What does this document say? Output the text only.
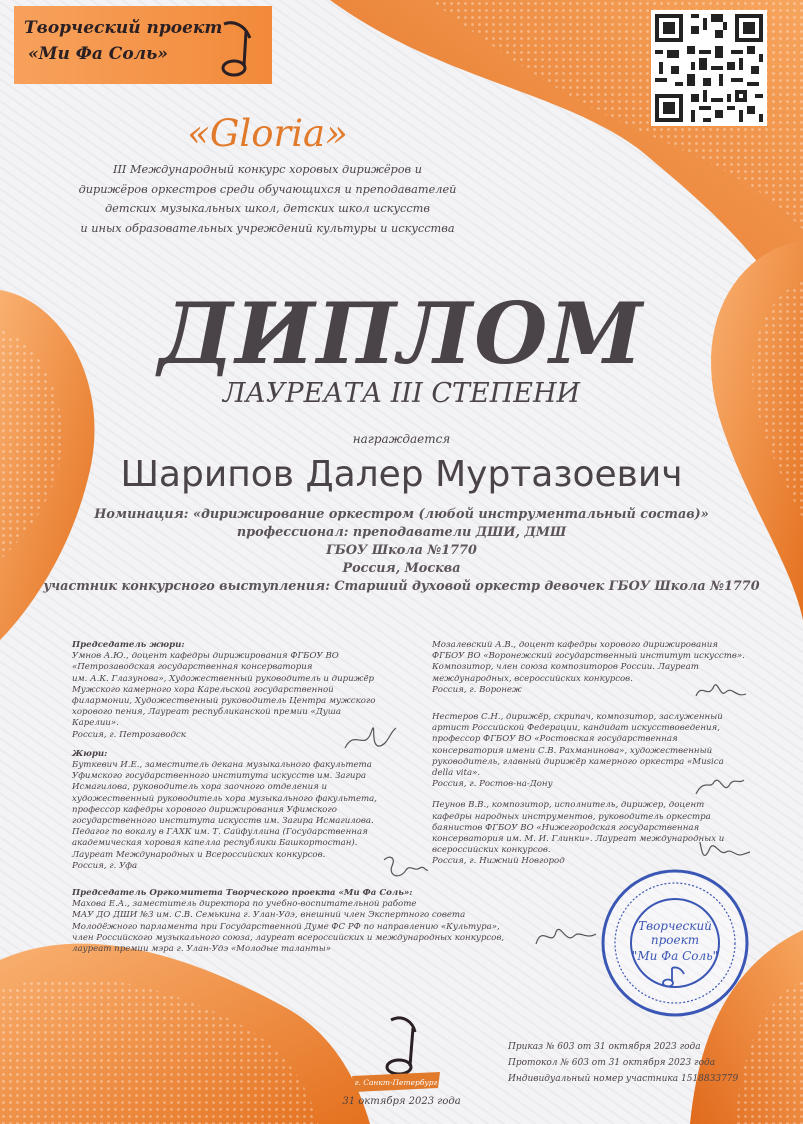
Творческий проект
«Ми Фа Соль»
«Gloria»
III Международный конкурс хоровых дирижёров и
дирижёров оркестров среди обучающихся и преподавателей
детских музыкальных школ, детских школ искусств
и иных образовательных учреждений культуры и искусства
ДИПЛОМ
ЛАУРЕАТА III СТЕПЕНИ
награждается
Шарипов Далер Муртазоевич
Номинация: «дирижирование оркестром (любой инструментальный состав)»
профессионал: преподаватели ДШИ, ДМШ
ГБОУ Школа №1770
Россия, Москва
участник конкурсного выступления: Старший духовой оркестр девочек ГБОУ Школа №1770
Председатель жюри:
Умнов А.Ю., доцент кафедры дирижирования ФГБОУ ВО
«Петрозаводская государственная консерватория
им. А.К. Глазунова», Художественный руководитель и дирижёр
Мужского камерного хора Карельской государственной
филармонии, Художественный руководитель Центра мужского
хорового пения, Лауреат республиканской премии «Душа
Карелии».
Россия, г. Петрозаводск
Жюри:
Буткевич И.Е., заместитель декана музыкального факультета
Уфимского государственного института искусств им. Загира
Исмагилова, руководитель хора заочного отделения и
художественный руководитель хора музыкального факультета,
профессор кафедры хорового дирижирования Уфимского
государственного института искусств им. Загира Исмагилова.
Педагог по вокалу в ГАХК им. Т. Сайфуллина (Государственная
академическая хоровая капелла республики Башкортостан).
Лауреат Международных и Всероссийских конкурсов.
Россия, г. Уфа
Мозалевский А.В., доцент кафедры хорового дирижирования
ФГБОУ ВО «Воронежский государственный институт искусств».
Композитор, член союза композиторов России. Лауреат
международных, всероссийских конкурсов.
Россия, г. Воронеж
Нестеров С.Н., дирижёр, скрипач, композитор, заслуженный
артист Российской Федерации, кандидат искусствоведения,
профессор ФГБОУ ВО «Ростовская государственная
консерватория имени С.В. Рахманинова», художественный
руководитель, главный дирижёр камерного оркестра «Musica
della vita».
Россия, г. Ростов-на-Дону
Пеунов В.В., композитор, исполнитель, дирижер, доцент
кафедры народных инструментов, руководитель оркестра
баянистов ФГБОУ ВО «Нижегородская государственная
консерватория им. М. И. Глинки». Лауреат международных и
всероссийских конкурсов.
Россия, г. Нижний Новгород
Председатель Оргкомитета Творческого проекта «Ми Фа Соль»:
Махова Е.А., заместитель директора по учебно-воспитательной работе
МАУ ДО ДШИ №3 им. С.В. Семькина г. Улан-Удэ, внешний член Экспертного совета
Молодёжного парламента при Государственной Думе ФС РФ по направлению «Культура»,
член Российского музыкального союза, лауреат всероссийских и международных конкурсов,
лауреат премии мэра г. Улан-Удэ «Молодые таланты»
Творческий
проект
"Ми Фа Соль"
Приказ № 603 от 31 октября 2023 года
Протокол № 603 от 31 октября 2023 года
Индивидуальный номер участника 1518833779
г. Санкт-Петербург
31 октября 2023 года
